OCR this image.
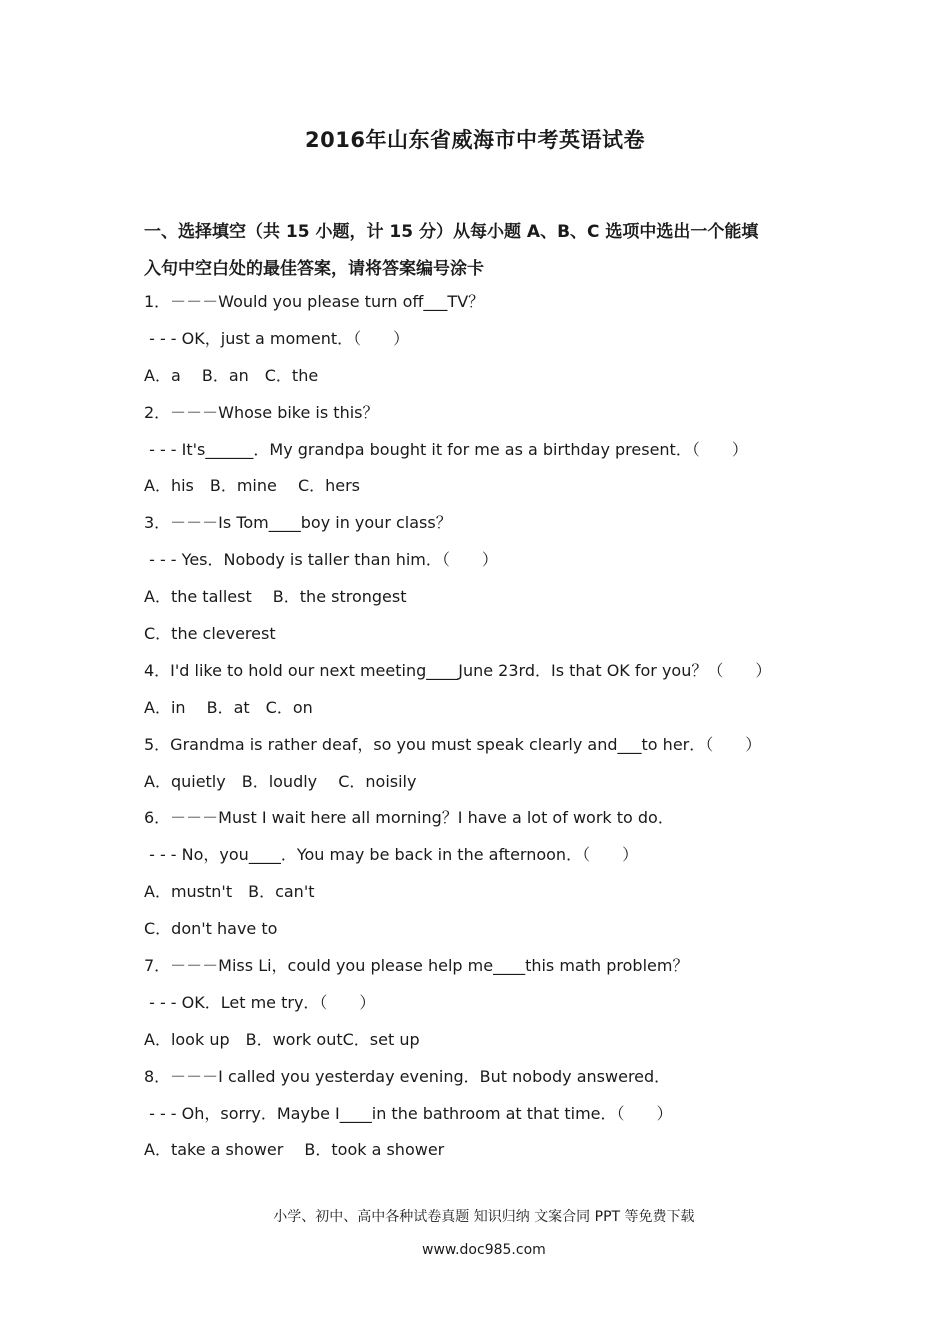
2016年山东省威海市中考英语试卷
一、选择填空（共 15 小题，计 15 分）从每小题 A、B、C 选项中选出一个能填
入句中空白处的最佳答案，请将答案编号涂卡
1．－－－Would you please turn off___TV？
- - - OK，just a moment．（　　）
A．a　 B．an　C．the
2．－－－Whose bike is this？
- - - It's______．My grandpa bought it for me as a birthday present．（　　）
A．his　B．mine　 C．hers
3．－－－Is Tom____boy in your class？
- - - Yes．Nobody is taller than him．（　　）
A．the tallest　 B．the strongest
C．the cleverest
4．I'd like to hold our next meeting____June 23rd．Is that OK for you？（　　）
A．in　 B．at　C．on
5．Grandma is rather deaf，so you must speak clearly and___to her．（　　）
A．quietly　B．loudly　 C．noisily
6．－－－Must I wait here all morning？I have a lot of work to do．
- - - No，you____．You may be back in the afternoon．（　　）
A．mustn't　B．can't
C．don't have to
7．－－－Miss Li，could you please help me____this math problem？
- - - OK．Let me try．（　　）
A．look up　B．work outC．set up
8．－－－I called you yesterday evening．But nobody answered．
- - - Oh，sorry．Maybe I____in the bathroom at that time．（　　）
A．take a shower　 B．took a shower

小学、初中、高中各种试卷真题 知识归纳 文案合同 PPT 等免费下载

www.doc985.com
